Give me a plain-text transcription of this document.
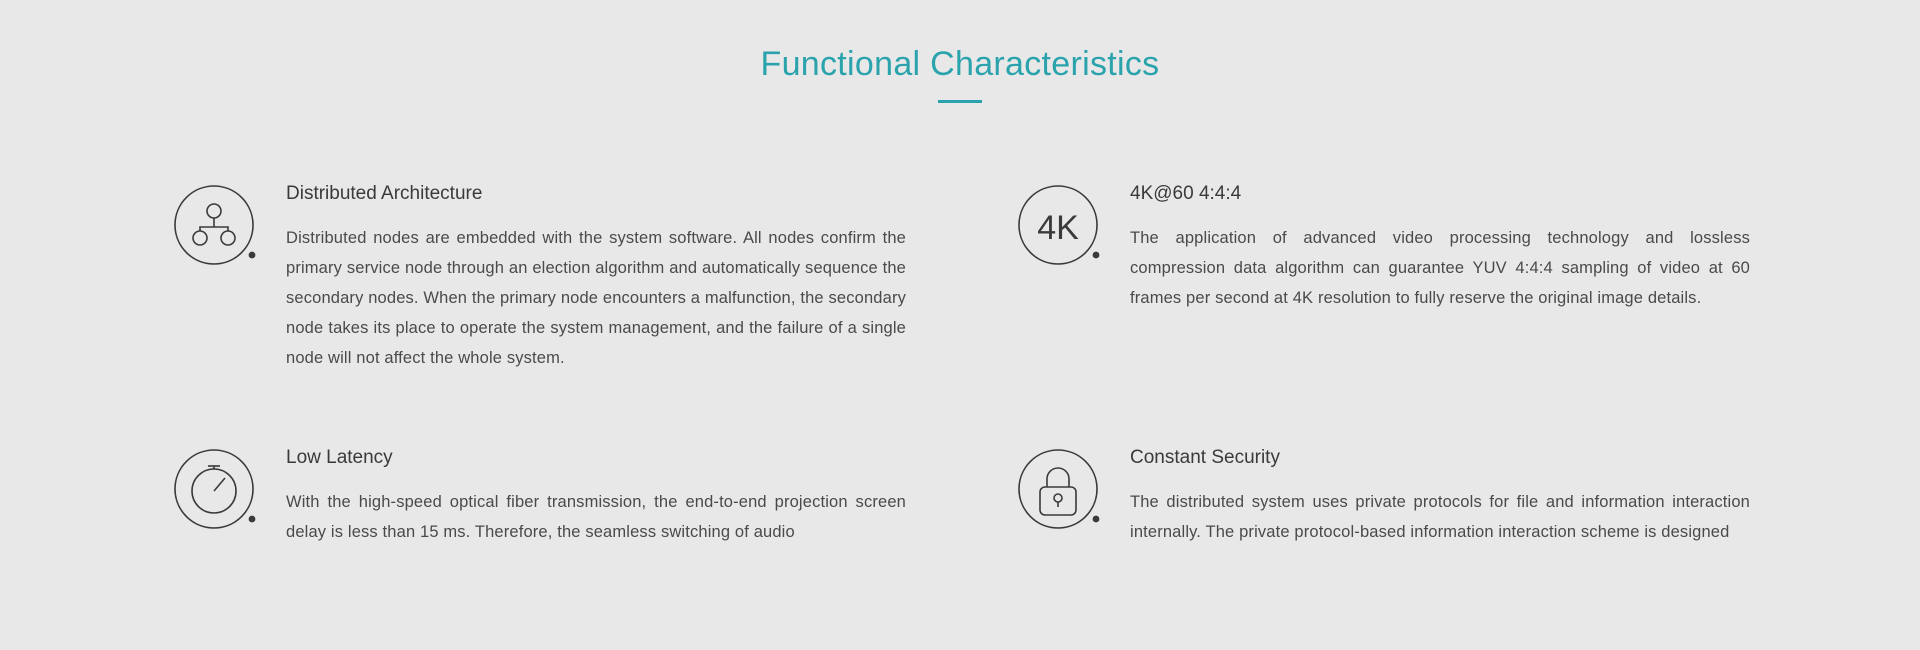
Functional Characteristics
Distributed Architecture

Distributed nodes are embedded with the system software. All nodes confirm the primary service node through an election algorithm and automatically sequence the secondary nodes. When the primary node encounters a malfunction, the secondary node takes its place to operate the system management, and the failure of a single node will not affect the whole system.

4K
4K@60 4:4:4

The application of advanced video processing technology and lossless compression data algorithm can guarantee YUV 4:4:4 sampling of video at 60 frames per second at 4K resolution to fully reserve the original image details.

Low Latency

With the high-speed optical fiber transmission, the end-to-end projection screen delay is less than 15 ms. Therefore, the seamless switching of audio

Constant Security

The distributed system uses private protocols for file and information interaction internally. The private protocol-based information interaction scheme is designed
